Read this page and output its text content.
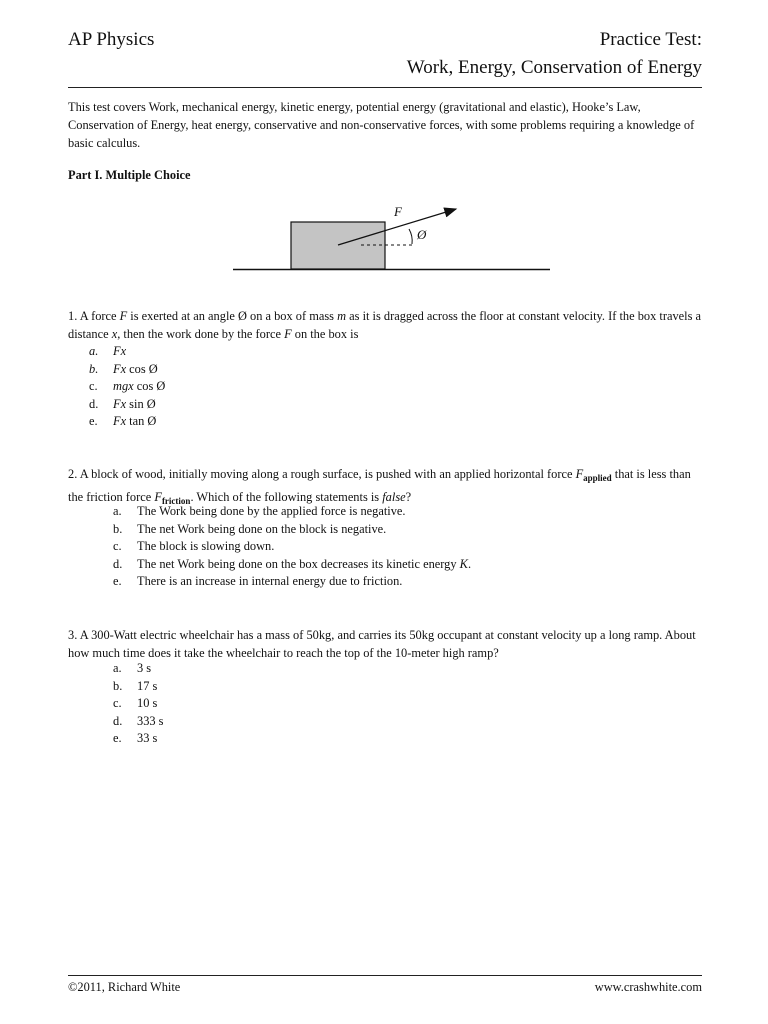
AP Physics	Practice Test:
Work, Energy, Conservation of Energy
This test covers Work, mechanical energy, kinetic energy, potential energy (gravitational and elastic), Hooke’s Law, Conservation of Energy, heat energy, conservative and non-conservative forces, with some problems requiring a knowledge of basic calculus.
Part I. Multiple Choice
F
Ø
1. A force F is exerted at an angle Ø on a box of mass m as it is dragged across the floor at constant velocity. If the box travels a distance x, then the work done by the force F on the box is
a. Fx
b. Fx cos Ø
c. mgx cos Ø
d. Fx sin Ø
e. Fx tan Ø
2. A block of wood, initially moving along a rough surface, is pushed with an applied horizontal force $F_{applied}$ that is less than the friction force $F_{friction}$. Which of the following statements is false?
a. The Work being done by the applied force is negative.
b. The net Work being done on the block is negative.
c. The block is slowing down.
d. The net Work being done on the box decreases its kinetic energy K.
e. There is an increase in internal energy due to friction.
3. A 300-Watt electric wheelchair has a mass of 50kg, and carries its 50kg occupant at constant velocity up a long ramp. About how much time does it take the wheelchair to reach the top of the 10-meter high ramp?
a. 3 s
b. 17 s
c. 10 s
d. 333 s
e. 33 s
©2011, Richard White	www.crashwhite.com
